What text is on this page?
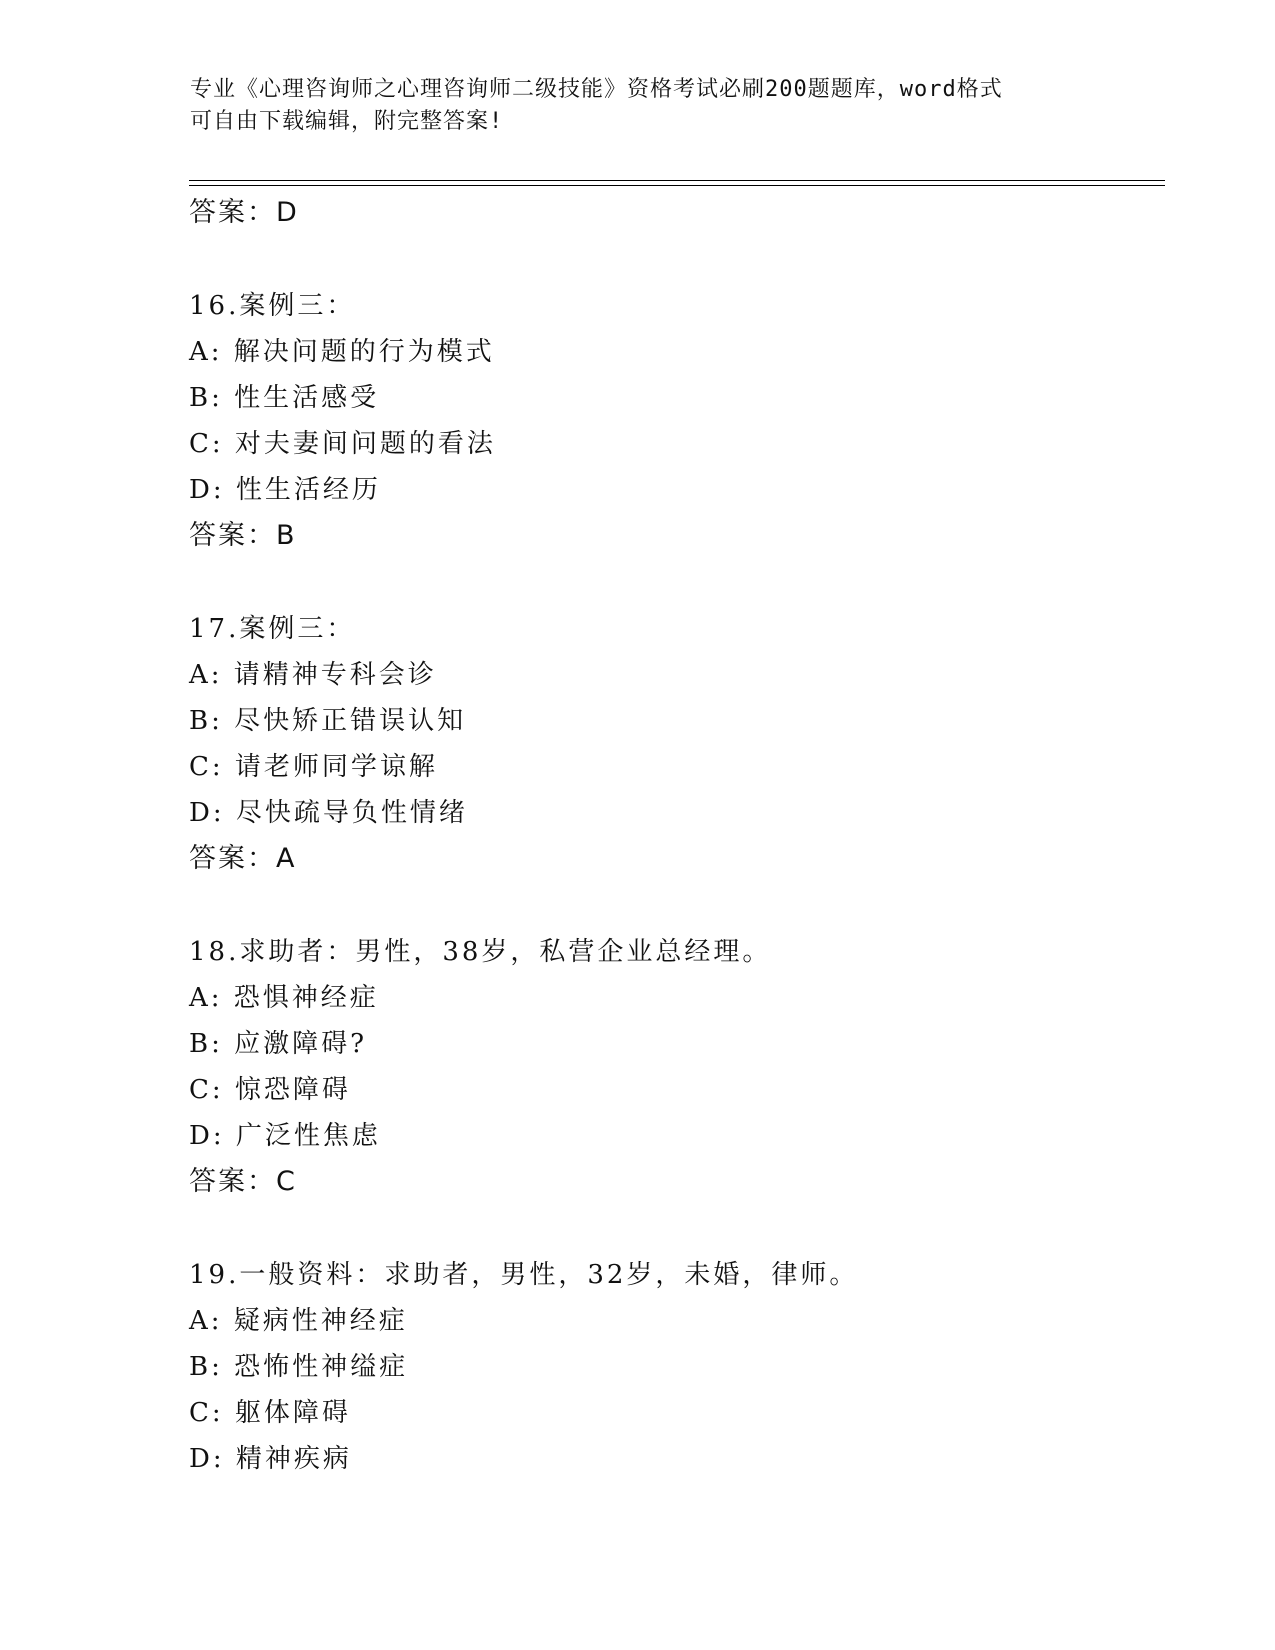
专业《心理咨询师之心理咨询师二级技能》资格考试必刷200题题库，word格式
可自由下载编辑，附完整答案!
答案：D
16.案例三：
A: 解决问题的行为模式
B: 性生活感受
C: 对夫妻间问题的看法
D: 性生活经历
答案：B
17.案例三：
A: 请精神专科会诊
B: 尽快矫正错误认知
C: 请老师同学谅解
D: 尽快疏导负性情绪
答案：A
18.求助者：男性，38岁，私营企业总经理。
A: 恐惧神经症
B: 应激障碍?
C: 惊恐障碍
D: 广泛性焦虑
答案：C
19.一般资料：求助者，男性，32岁，未婚，律师。
A: 疑病性神经症
B: 恐怖性神缢症
C: 躯体障碍
D: 精神疾病
